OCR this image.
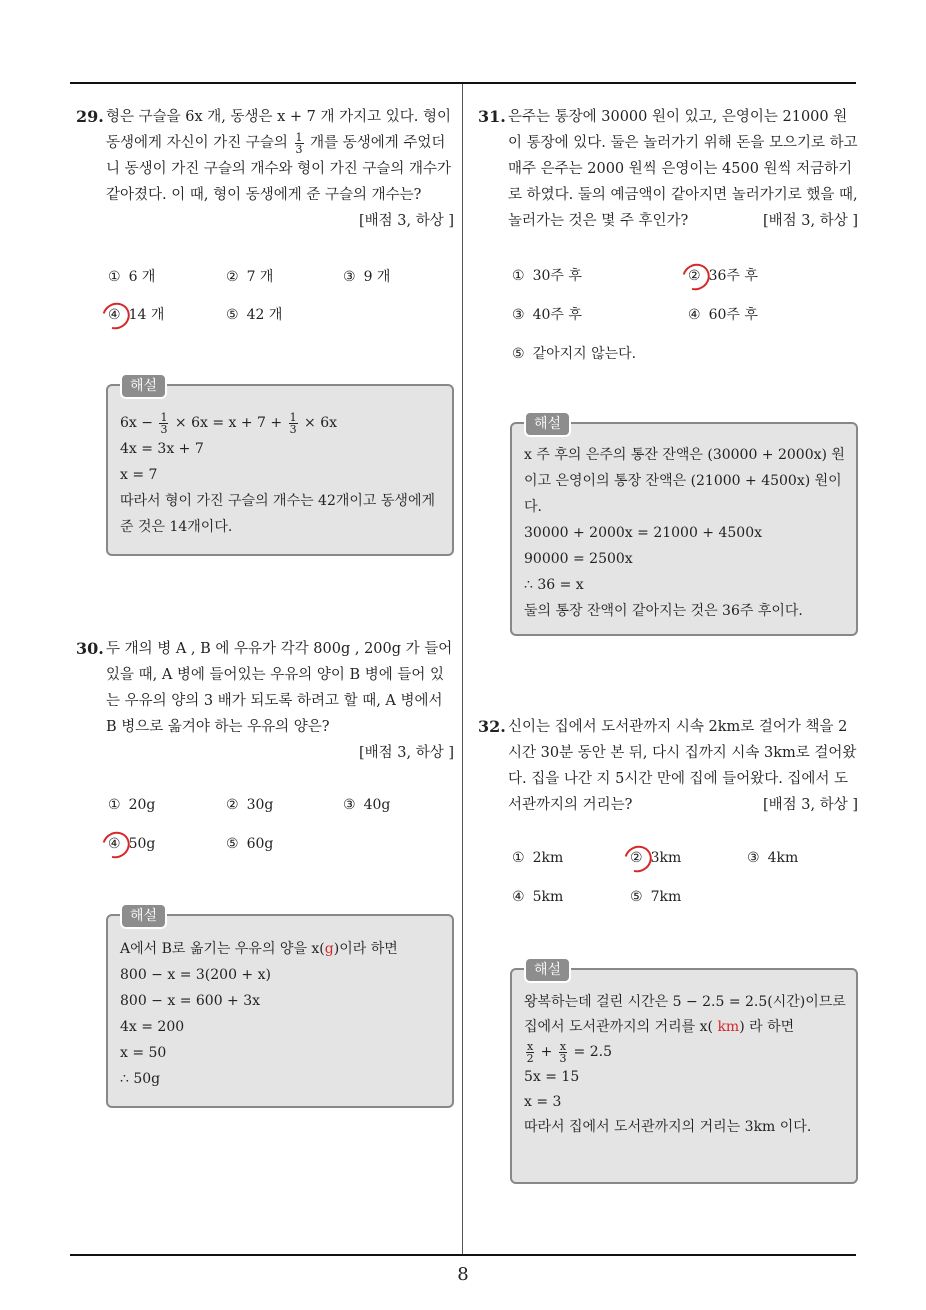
8
29. 형은 구슬을 6x 개, 동생은 x + 7 개 가지고 있다. 형이 동생에게 자신이 가진 구슬의 $\frac{1}{3}$ 개를 동생에게 주었더니 동생이 가진 구슬의 개수와 형이 가진 구슬의 개수가 같아졌다. 이 때, 형이 동생에게 준 구슬의 개수는?
[배점 3, 하상 ]
① 6 개	② 7 개	③ 9 개
④ 14 개	⑤ 42 개
해설
$6x - \frac{1}{3} \times 6x = x + 7 + \frac{1}{3} \times 6x$
4x = 3x + 7
x = 7
따라서 형이 가진 구슬의 개수는 42개이고 동생에게 준 것은 14개이다.
30. 두 개의 병 A , B 에 우유가 각각 800g , 200g 가 들어 있을 때, A 병에 들어있는 우유의 양이 B 병에 들어 있는 우유의 양의 3 배가 되도록 하려고 할 때, A 병에서 B 병으로 옮겨야 하는 우유의 양은?
[배점 3, 하상 ]
① 20g	② 30g	③ 40g
④ 50g	⑤ 60g
해설
A에서 B로 옮기는 우유의 양을 x(g)이라 하면
800 − x = 3(200 + x)
800 − x = 600 + 3x
4x = 200
x = 50
∴ 50g
31. 은주는 통장에 30000 원이 있고, 은영이는 21000 원이 통장에 있다. 둘은 놀러가기 위해 돈을 모으기로 하고 매주 은주는 2000 원씩 은영이는 4500 원씩 저금하기로 하였다. 둘의 예금액이 같아지면 놀러가기로 했을 때, 놀러가는 것은 몇 주 후인가?	[배점 3, 하상 ]
① 30주 후	② 36주 후
③ 40주 후	④ 60주 후
⑤ 같아지지 않는다.
해설
x 주 후의 은주의 통잔 잔액은 (30000 + 2000x) 원 이고 은영이의 통장 잔액은 (21000 + 4500x) 원이다.
30000 + 2000x = 21000 + 4500x
90000 = 2500x
∴ 36 = x
둘의 통장 잔액이 같아지는 것은 36주 후이다.
32. 신이는 집에서 도서관까지 시속 2km로 걸어가 책을 2 시간 30분 동안 본 뒤, 다시 집까지 시속 3km로 걸어왔다. 집을 나간 지 5시간 만에 집에 들어왔다. 집에서 도서관까지의 거리는?	[배점 3, 하상 ]
① 2km	② 3km	③ 4km
④ 5km	⑤ 7km
해설
왕복하는데 걸린 시간은 5 − 2.5 = 2.5(시간)이므로
집에서 도서관까지의 거리를 x( km) 라 하면
$\frac{x}{2} + \frac{x}{3} = 2.5$
5x = 15
x = 3
따라서 집에서 도서관까지의 거리는 3km 이다.
